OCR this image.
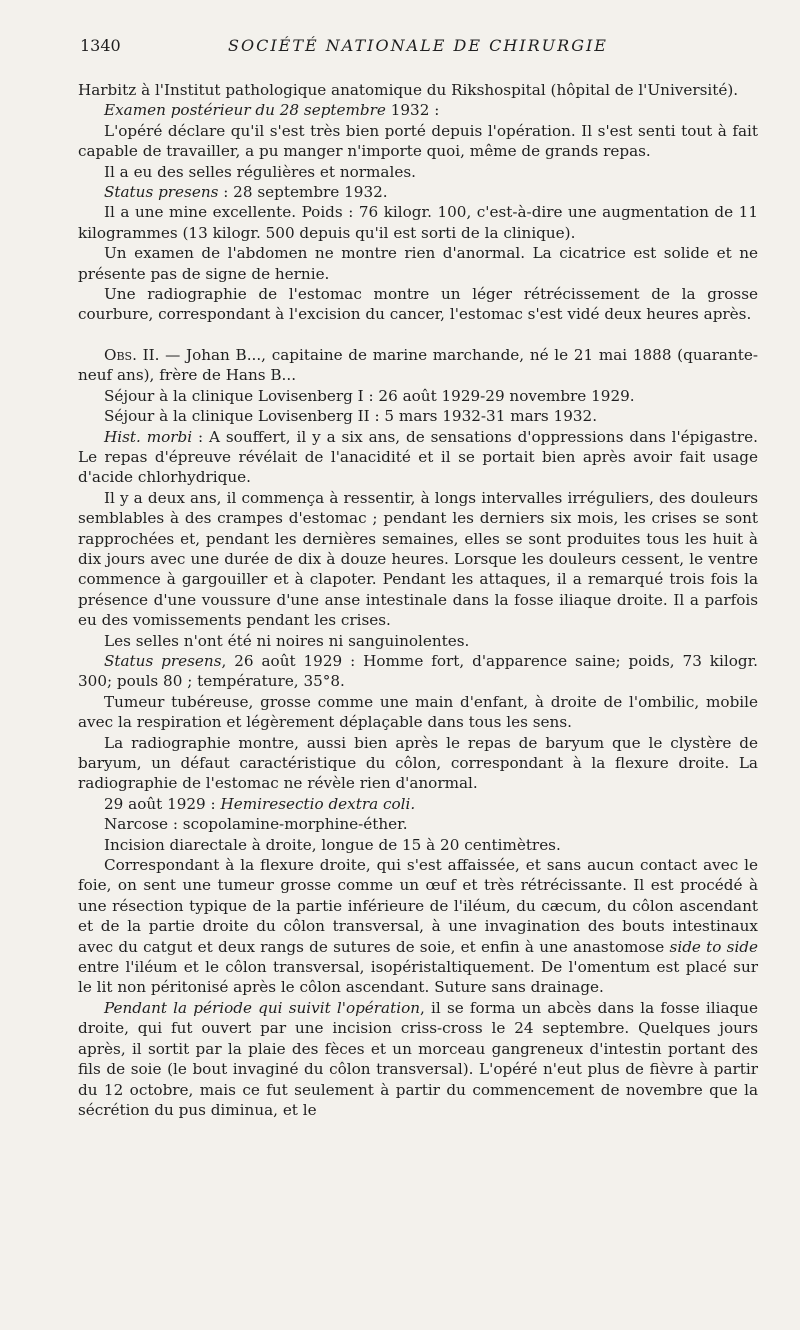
1340	SOCIÉTÉ NATIONALE DE CHIRURGIE

Harbitz à l'Institut pathologique anatomique du Rikshospital (hôpital de l'Université).

Examen postérieur du 28 septembre 1932 :

L'opéré déclare qu'il s'est très bien porté depuis l'opération. Il s'est senti tout à fait capable de travailler, a pu manger n'importe quoi, même de grands repas.

Il a eu des selles régulières et normales.

Status presens : 28 septembre 1932.

Il a une mine excellente. Poids : 76 kilogr. 100, c'est-à-dire une augmentation de 11 kilogrammes (13 kilogr. 500 depuis qu'il est sorti de la clinique).

Un examen de l'abdomen ne montre rien d'anormal. La cicatrice est solide et ne présente pas de signe de hernie.

Une radiographie de l'estomac montre un léger rétrécissement de la grosse courbure, correspondant à l'excision du cancer, l'estomac s'est vidé deux heures après.

Obs. II. — Johan B..., capitaine de marine marchande, né le 21 mai 1888 (quarante-neuf ans), frère de Hans B...

Séjour à la clinique Lovisenberg I : 26 août 1929-29 novembre 1929.

Séjour à la clinique Lovisenberg II : 5 mars 1932-31 mars 1932.

Hist. morbi : A souffert, il y a six ans, de sensations d'oppressions dans l'épigastre. Le repas d'épreuve révélait de l'anacidité et il se portait bien après avoir fait usage d'acide chlorhydrique.

Il y a deux ans, il commença à ressentir, à longs intervalles irréguliers, des douleurs semblables à des crampes d'estomac ; pendant les derniers six mois, les crises se sont rapprochées et, pendant les dernières semaines, elles se sont produites tous les huit à dix jours avec une durée de dix à douze heures. Lorsque les douleurs cessent, le ventre commence à gargouiller et à clapoter. Pendant les attaques, il a remarqué trois fois la présence d'une voussure d'une anse intestinale dans la fosse iliaque droite. Il a parfois eu des vomissements pendant les crises.

Les selles n'ont été ni noires ni sanguinolentes.

Status presens, 26 août 1929 : Homme fort, d'apparence saine; poids, 73 kilogr. 300; pouls 80 ; température, 35°8.

Tumeur tubéreuse, grosse comme une main d'enfant, à droite de l'ombilic, mobile avec la respiration et légèrement déplaçable dans tous les sens.

La radiographie montre, aussi bien après le repas de baryum que le clystère de baryum, un défaut caractéristique du côlon, correspondant à la flexure droite. La radiographie de l'estomac ne révèle rien d'anormal.

29 août 1929 : Hemiresectio dextra coli.

Narcose : scopolamine-morphine-éther.

Incision diarectale à droite, longue de 15 à 20 centimètres.

Correspondant à la flexure droite, qui s'est affaissée, et sans aucun contact avec le foie, on sent une tumeur grosse comme un œuf et très rétrécissante. Il est procédé à une résection typique de la partie inférieure de l'iléum, du cæcum, du côlon ascendant et de la partie droite du côlon transversal, à une invagination des bouts intestinaux avec du catgut et deux rangs de sutures de soie, et enfin à une anastomose side to side entre l'iléum et le côlon transversal, isopéristaltiquement. De l'omentum est placé sur le lit non péritonisé après le côlon ascendant. Suture sans drainage.

Pendant la période qui suivit l'opération, il se forma un abcès dans la fosse iliaque droite, qui fut ouvert par une incision criss-cross le 24 septembre. Quelques jours après, il sortit par la plaie des fèces et un morceau gangreneux d'intestin portant des fils de soie (le bout invaginé du côlon transversal). L'opéré n'eut plus de fièvre à partir du 12 octobre, mais ce fut seulement à partir du commencement de novembre que la sécrétion du pus diminua, et le
